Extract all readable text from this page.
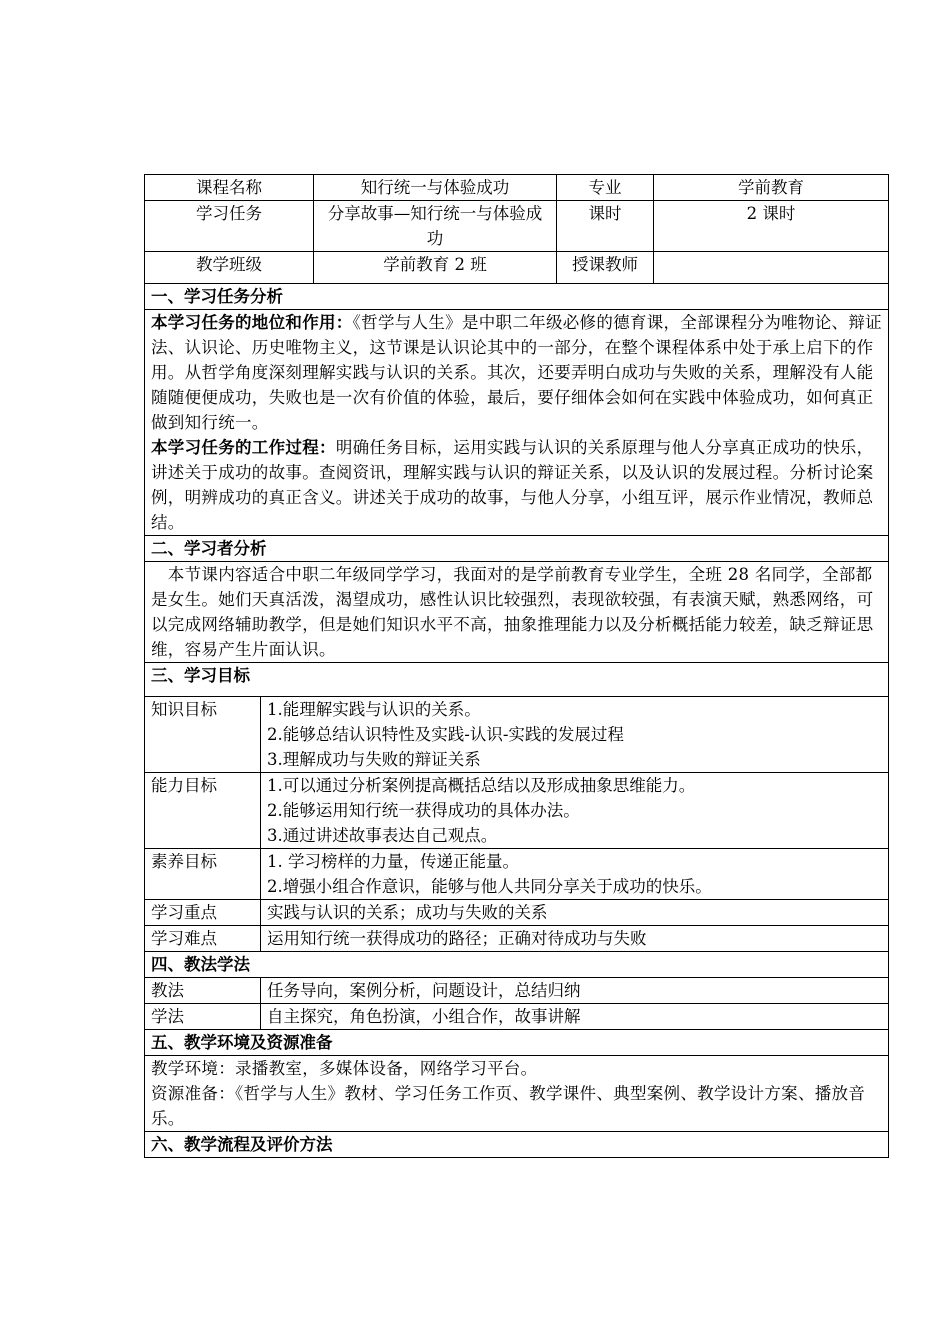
课程名称		知行统一与体验成功	专业	学前教育
学习任务		分享故事—知行统一与体验成功	课时	2 课时
教学班级		学前教育 2 班	授课教师	
一、学习任务分析				
本学习任务的地位和作用：《哲学与人生》是中职二年级必修的德育课，全部课程分为唯物论、辩证法、认识论、历史唯物主义，这节课是认识论其中的一部分，在整个课程体系中处于承上启下的作用。从哲学角度深刻理解实践与认识的关系。其次，还要弄明白成功与失败的关系，理解没有人能随随便便成功，失败也是一次有价值的体验，最后，要仔细体会如何在实践中体验成功，如何真正做到知行统一。
本学习任务的工作过程：明确任务目标，运用实践与认识的关系原理与他人分享真正成功的快乐，讲述关于成功的故事。查阅资讯，理解实践与认识的辩证关系，以及认识的发展过程。分析讨论案例，明辨成功的真正含义。讲述关于成功的故事，与他人分享，小组互评，展示作业情况，教师总结。				
二、学习者分析				
　本节课内容适合中职二年级同学学习，我面对的是学前教育专业学生，全班 28 名同学，全部都是女生。她们天真活泼，渴望成功，感性认识比较强烈，表现欲较强，有表演天赋，熟悉网络，可以完成网络辅助教学，但是她们知识水平不高，抽象推理能力以及分析概括能力较差，缺乏辩证思维，容易产生片面认识。				
三、学习目标				
知识目标	1.能理解实践与认识的关系。
2.能够总结认识特性及实践-认识-实践的发展过程
3.理解成功与失败的辩证关系			

能力目标	1.可以通过分析案例提高概括总结以及形成抽象思维能力。
2.能够运用知行统一获得成功的具体办法。
3.通过讲述故事表达自己观点。			

素养目标	1. 学习榜样的力量，传递正能量。
2.增强小组合作意识，能够与他人共同分享关于成功的快乐。			

学习重点	实践与认识的关系；成功与失败的关系			
学习难点	运用知行统一获得成功的路径；正确对待成功与失败			
四、教法学法				
教法	任务导向，案例分析，问题设计，总结归纳			
学法	自主探究，角色扮演，小组合作，故事讲解			
五、教学环境及资源准备				

教学环境：录播教室，多媒体设备，网络学习平台。
资源准备：《哲学与人生》教材、学习任务工作页、教学课件、典型案例、教学设计方案、播放音乐。				

六、教学流程及评价方法				
